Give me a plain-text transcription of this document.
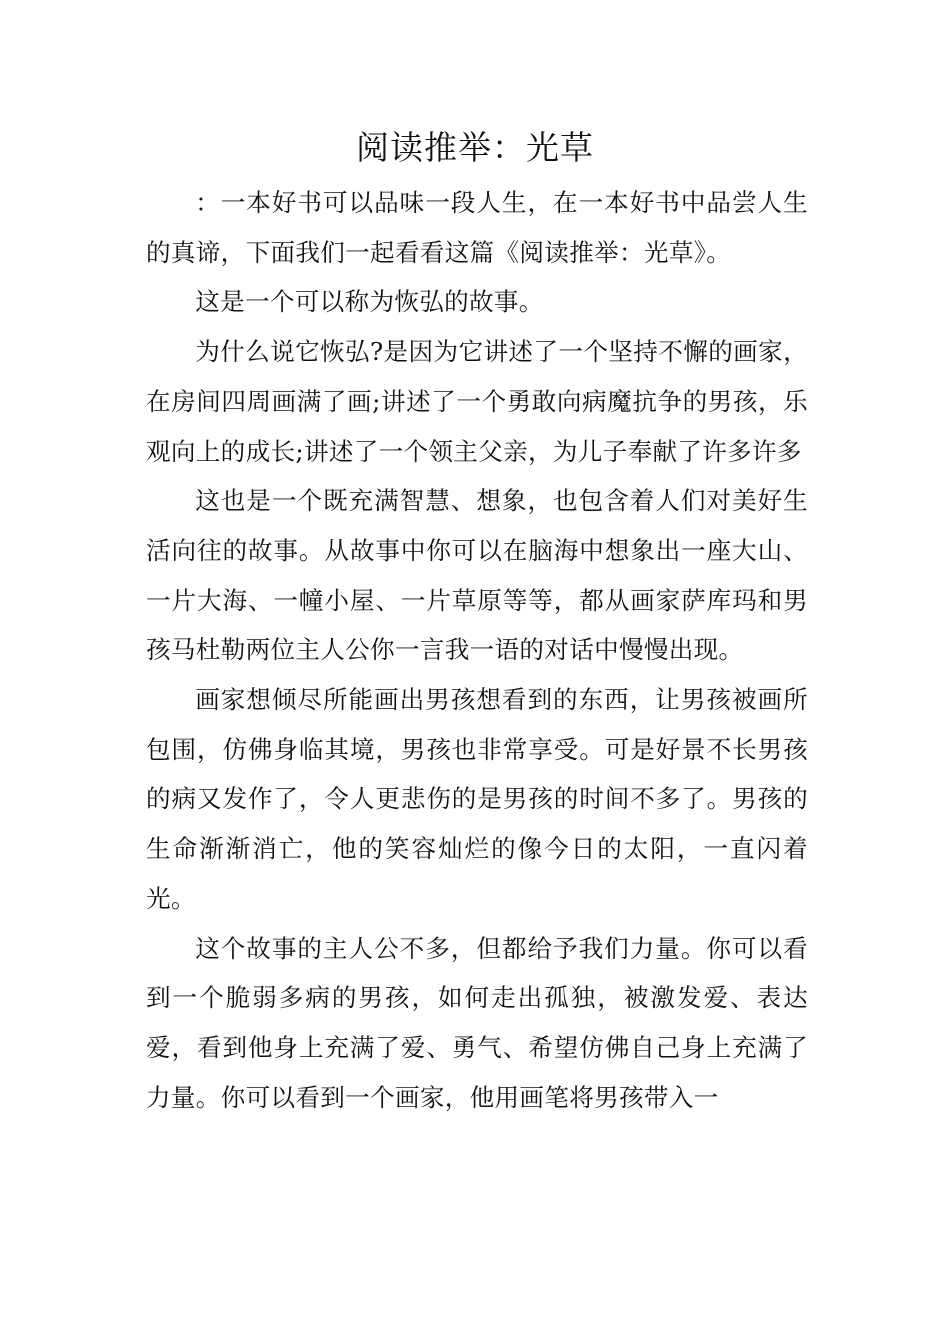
阅读推举：光草

：一本好书可以品味一段人生，在一本好书中品尝人生的真谛，下面我们一起看看这篇《阅读推举：光草》。

这是一个可以称为恢弘的故事。

为什么说它恢弘?是因为它讲述了一个坚持不懈的画家，在房间四周画满了画;讲述了一个勇敢向病魔抗争的男孩，乐观向上的成长;讲述了一个领主父亲，为儿子奉献了许多许多

这也是一个既充满智慧、想象，也包含着人们对美好生活向往的故事。从故事中你可以在脑海中想象出一座大山、一片大海、一幢小屋、一片草原等等，都从画家萨库玛和男孩马杜勒两位主人公你一言我一语的对话中慢慢出现。

画家想倾尽所能画出男孩想看到的东西，让男孩被画所包围，仿佛身临其境，男孩也非常享受。可是好景不长男孩的病又发作了，令人更悲伤的是男孩的时间不多了。男孩的生命渐渐消亡，他的笑容灿烂的像今日的太阳，一直闪着光。

这个故事的主人公不多，但都给予我们力量。你可以看到一个脆弱多病的男孩，如何走出孤独，被激发爱、表达爱，看到他身上充满了爱、勇气、希望仿佛自己身上充满了力量。你可以看到一个画家，他用画笔将男孩带入一
